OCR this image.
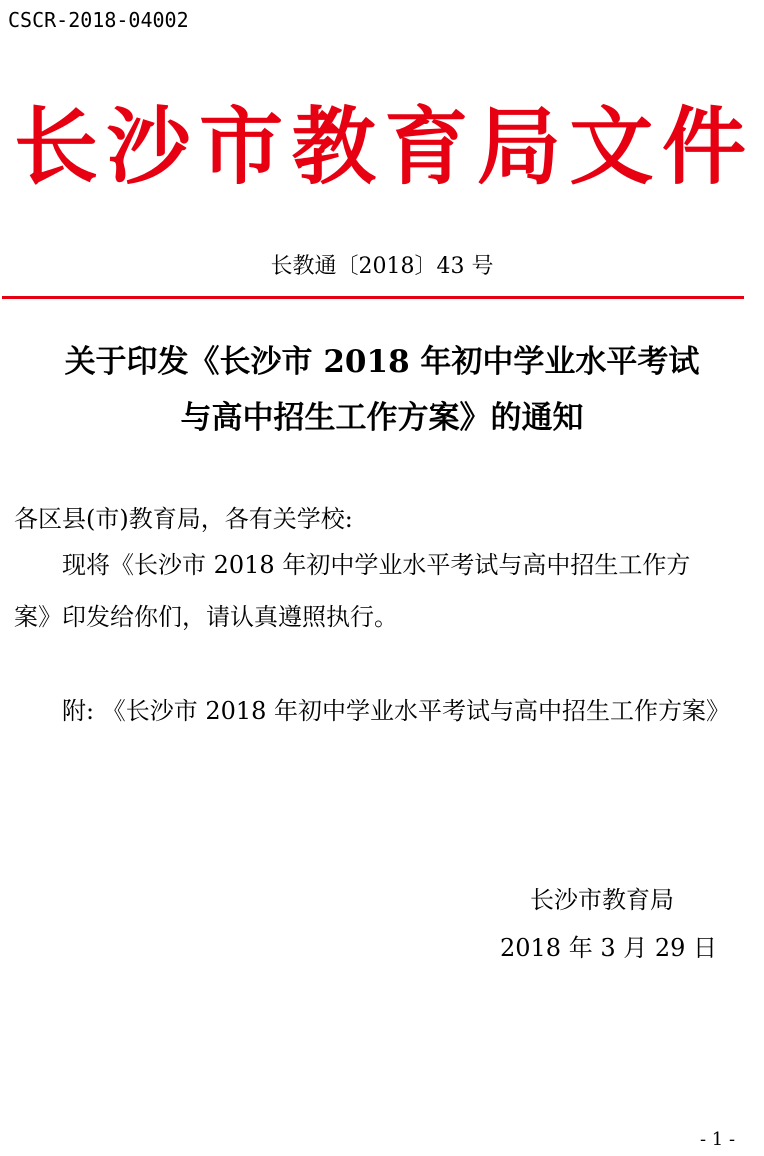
CSCR-2018-04002
长 沙 市 教 育 局 文 件
长教通〔2018〕43 号
关于印发《长沙市 2018 年初中学业水平考试
与高中招生工作方案》的通知
各区县(市)教育局，各有关学校:
现将《长沙市 2018 年初中学业水平考试与高中招生工作方
案》印发给你们，请认真遵照执行。
附: 《长沙市 2018 年初中学业水平考试与高中招生工作方案》
长沙市教育局
2018 年 3 月 29 日
- 1 -
